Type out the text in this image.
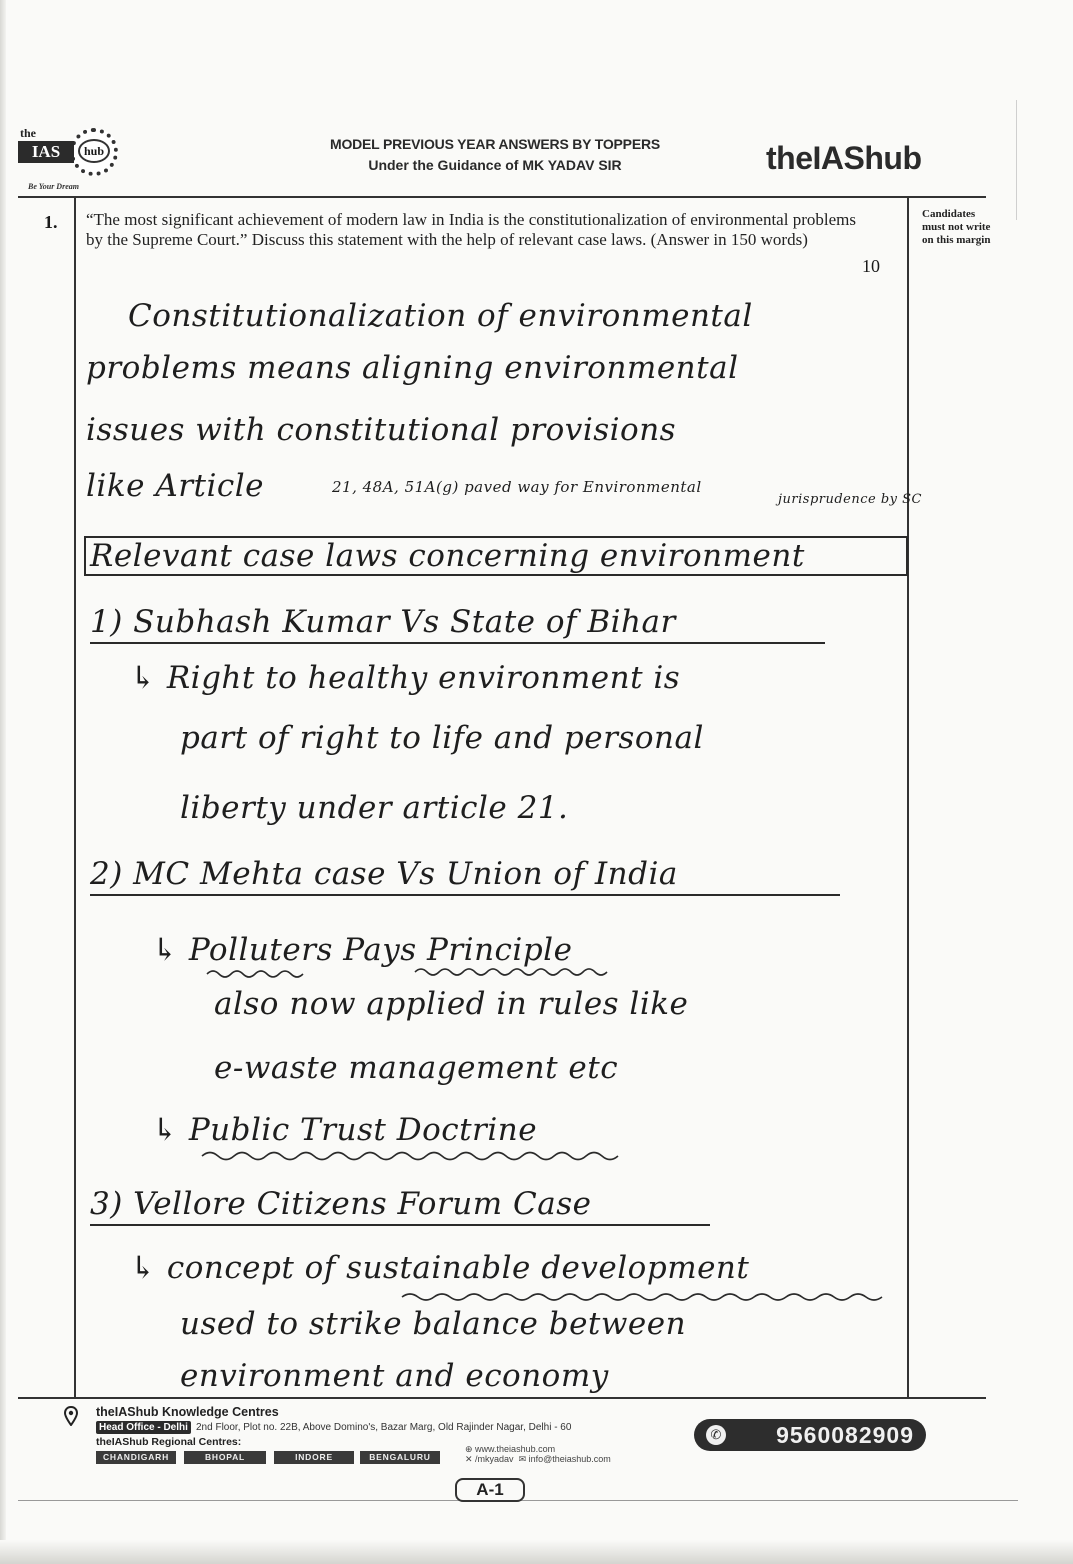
the
IAS	hub
Be Your Dream
MODEL PREVIOUS YEAR ANSWERS BY TOPPERS
Under the Guidance of MK YADAV SIR	theIAShub
1. “The most significant achievement of modern law in India is the constitutionalization of environmental problems by the Supreme Court.” Discuss this statement with the help of relevant case laws. (Answer in 150 words)
10
Candidates must not write on this margin
Constitutionalization of environmental
problems means aligning environmental
issues with constitutional provisions
like Article	21, 48A, 51A(g) paved way for Environmental
jurisprudence by SC
Relevant case laws concerning environment
1) Subhash Kumar Vs State of Bihar
↳ Right to healthy environment is
part of right to life and personal
liberty under article 21.
2) MC Mehta case Vs Union of India
↳ Polluters Pays Principle
also now applied in rules like
e-waste management etc
↳ Public Trust Doctrine
3) Vellore Citizens Forum Case
↳ concept of sustainable development
used to strike balance between
environment and economy
theIAShub Knowledge Centres
Head Office - Delhi 2nd Floor, Plot no. 22B, Above Domino's, Bazar Marg, Old Rajinder Nagar, Delhi - 60
theIAShub Regional Centres:
CHANDIGARH	BHOPAL	INDORE	BENGALURU
⊕ www.theiashub.com
✕ /mkyadav ✉ info@theiashub.com
9560082909
✆
A-1
